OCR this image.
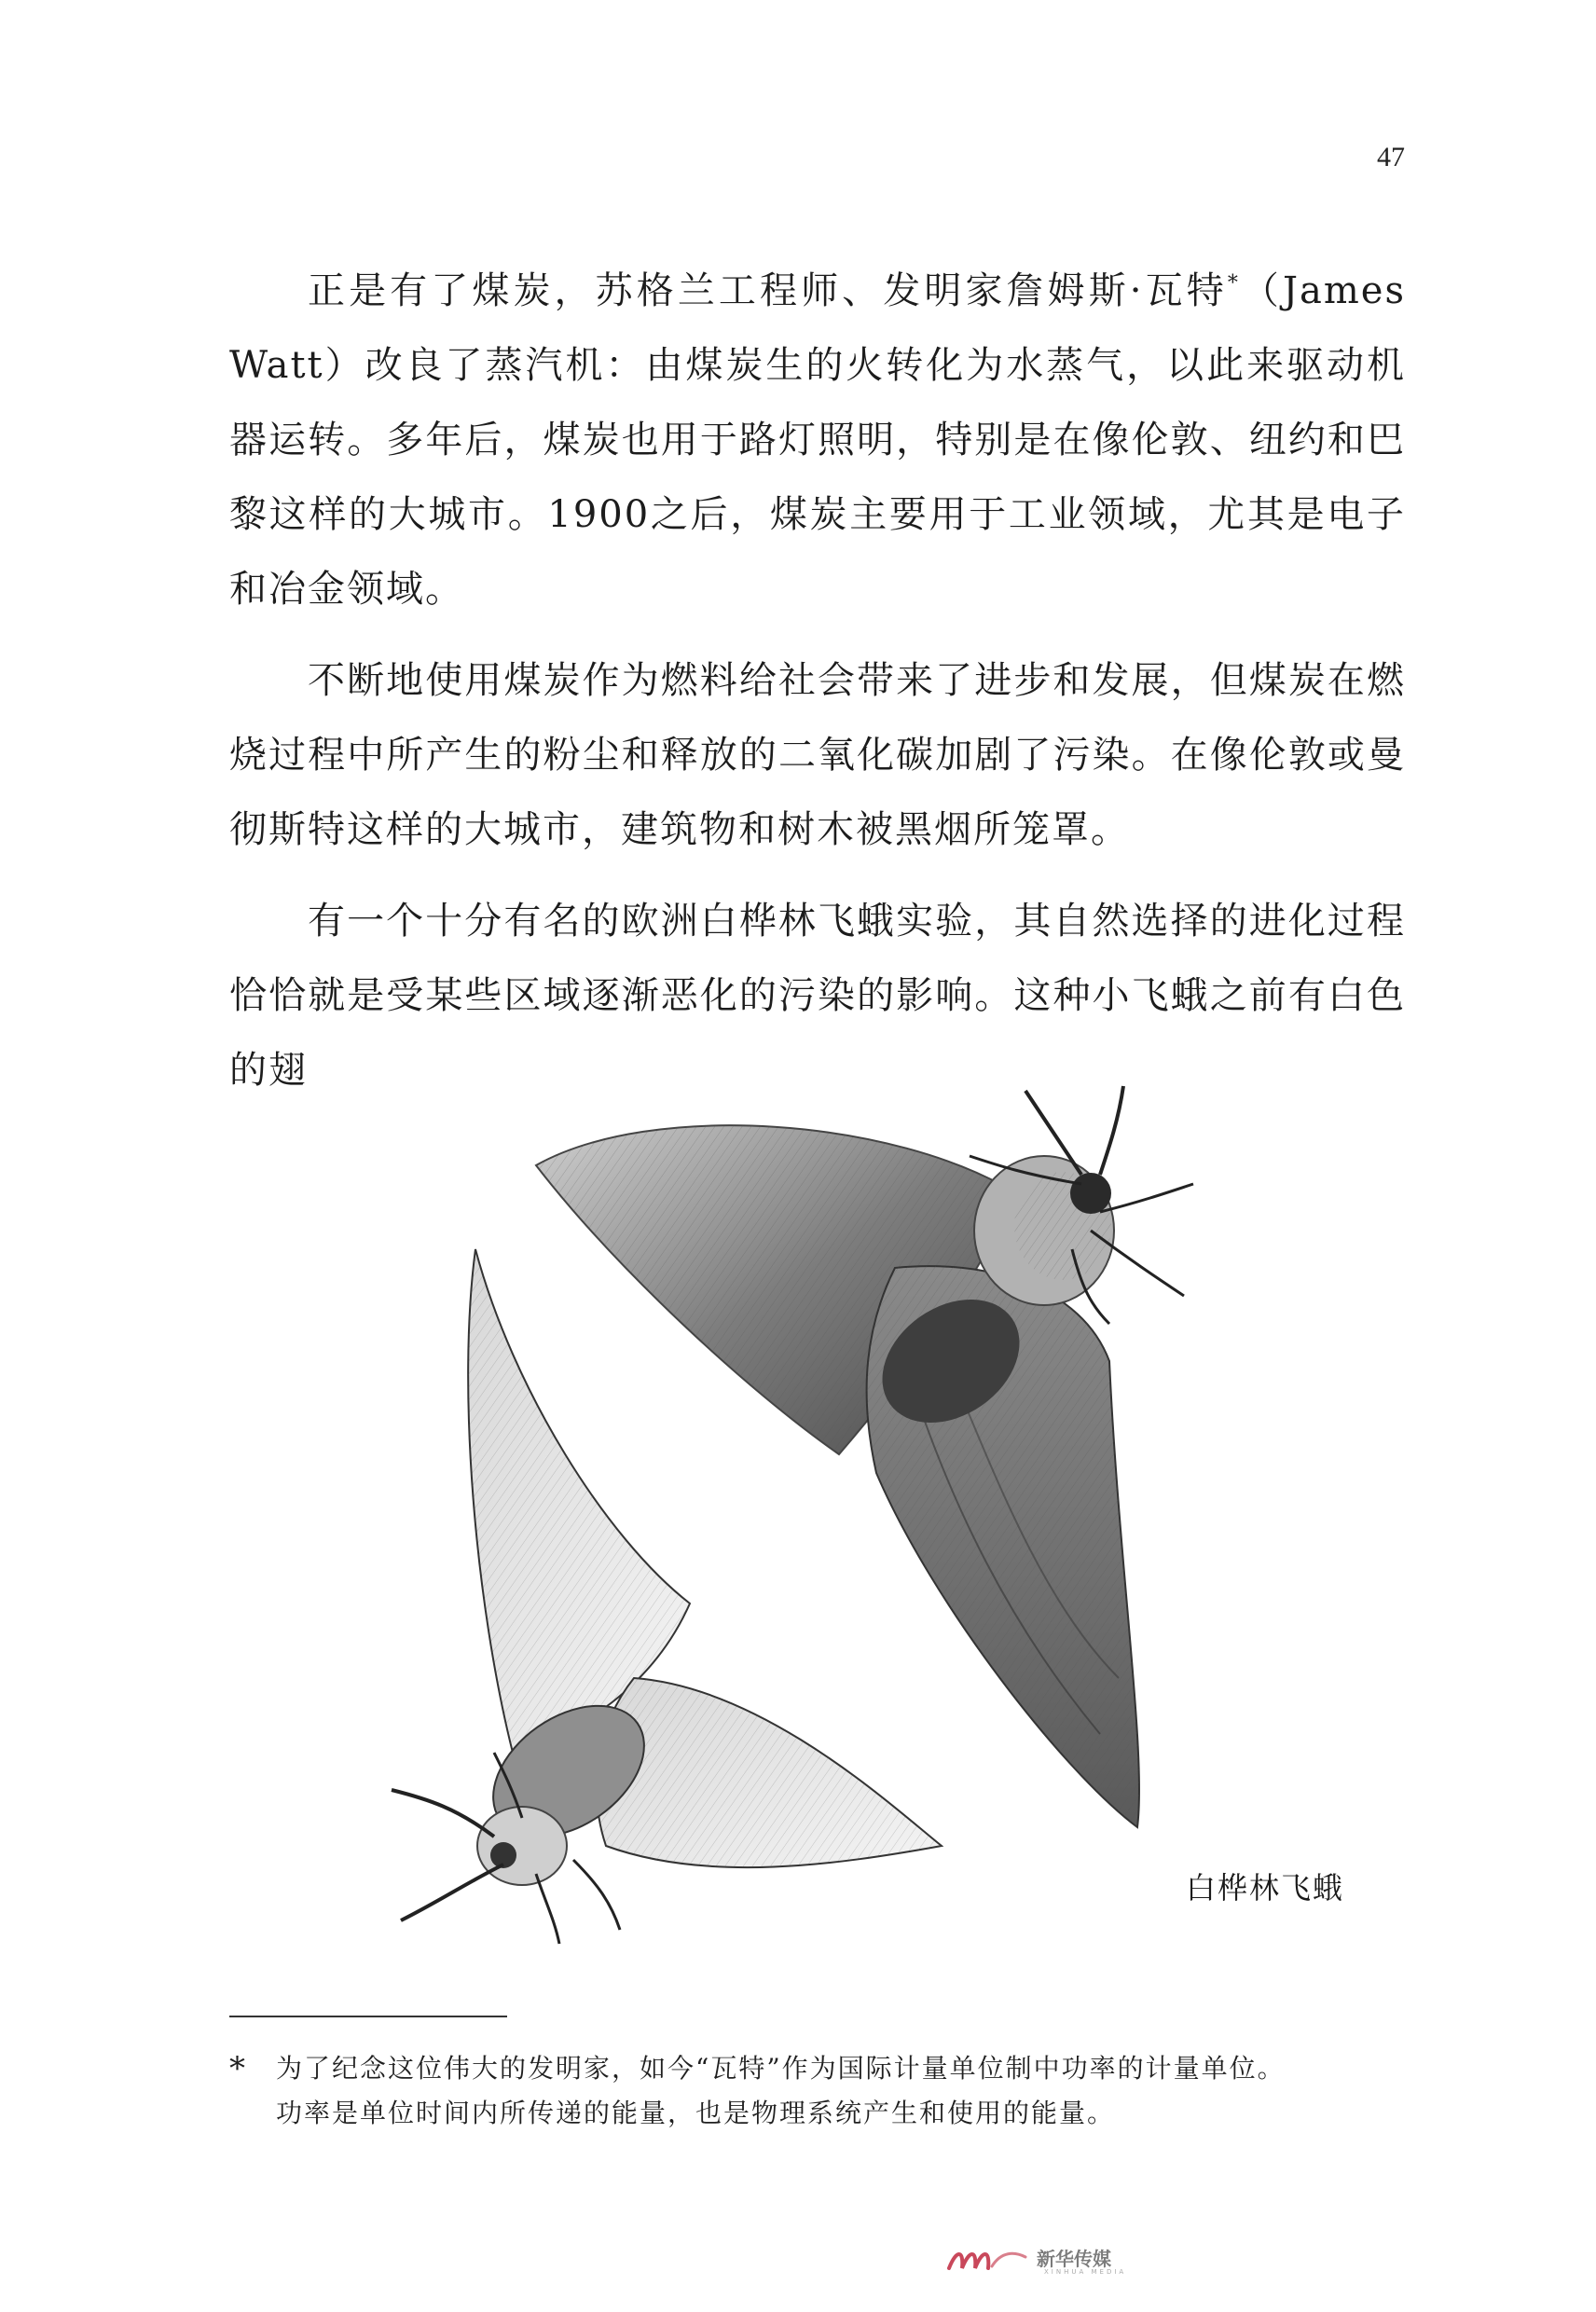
47

正是有了煤炭，苏格兰工程师、发明家詹姆斯·瓦特*（James Watt）改良了蒸汽机：由煤炭生的火转化为水蒸气，以此来驱动机器运转。多年后，煤炭也用于路灯照明，特别是在像伦敦、纽约和巴黎这样的大城市。1900之后，煤炭主要用于工业领域，尤其是电子和冶金领域。

不断地使用煤炭作为燃料给社会带来了进步和发展，但煤炭在燃烧过程中所产生的粉尘和释放的二氧化碳加剧了污染。在像伦敦或曼彻斯特这样的大城市，建筑物和树木被黑烟所笼罩。

有一个十分有名的欧洲白桦林飞蛾实验，其自然选择的进化过程恰恰就是受某些区域逐渐恶化的污染的影响。这种小飞蛾之前有白色的翅

白桦林飞蛾
* 为了纪念这位伟大的发明家，如今“瓦特”作为国际计量单位制中功率的计量单位。
功率是单位时间内所传递的能量，也是物理系统产生和使用的能量。
新华传媒
XINHUA MEDIA
